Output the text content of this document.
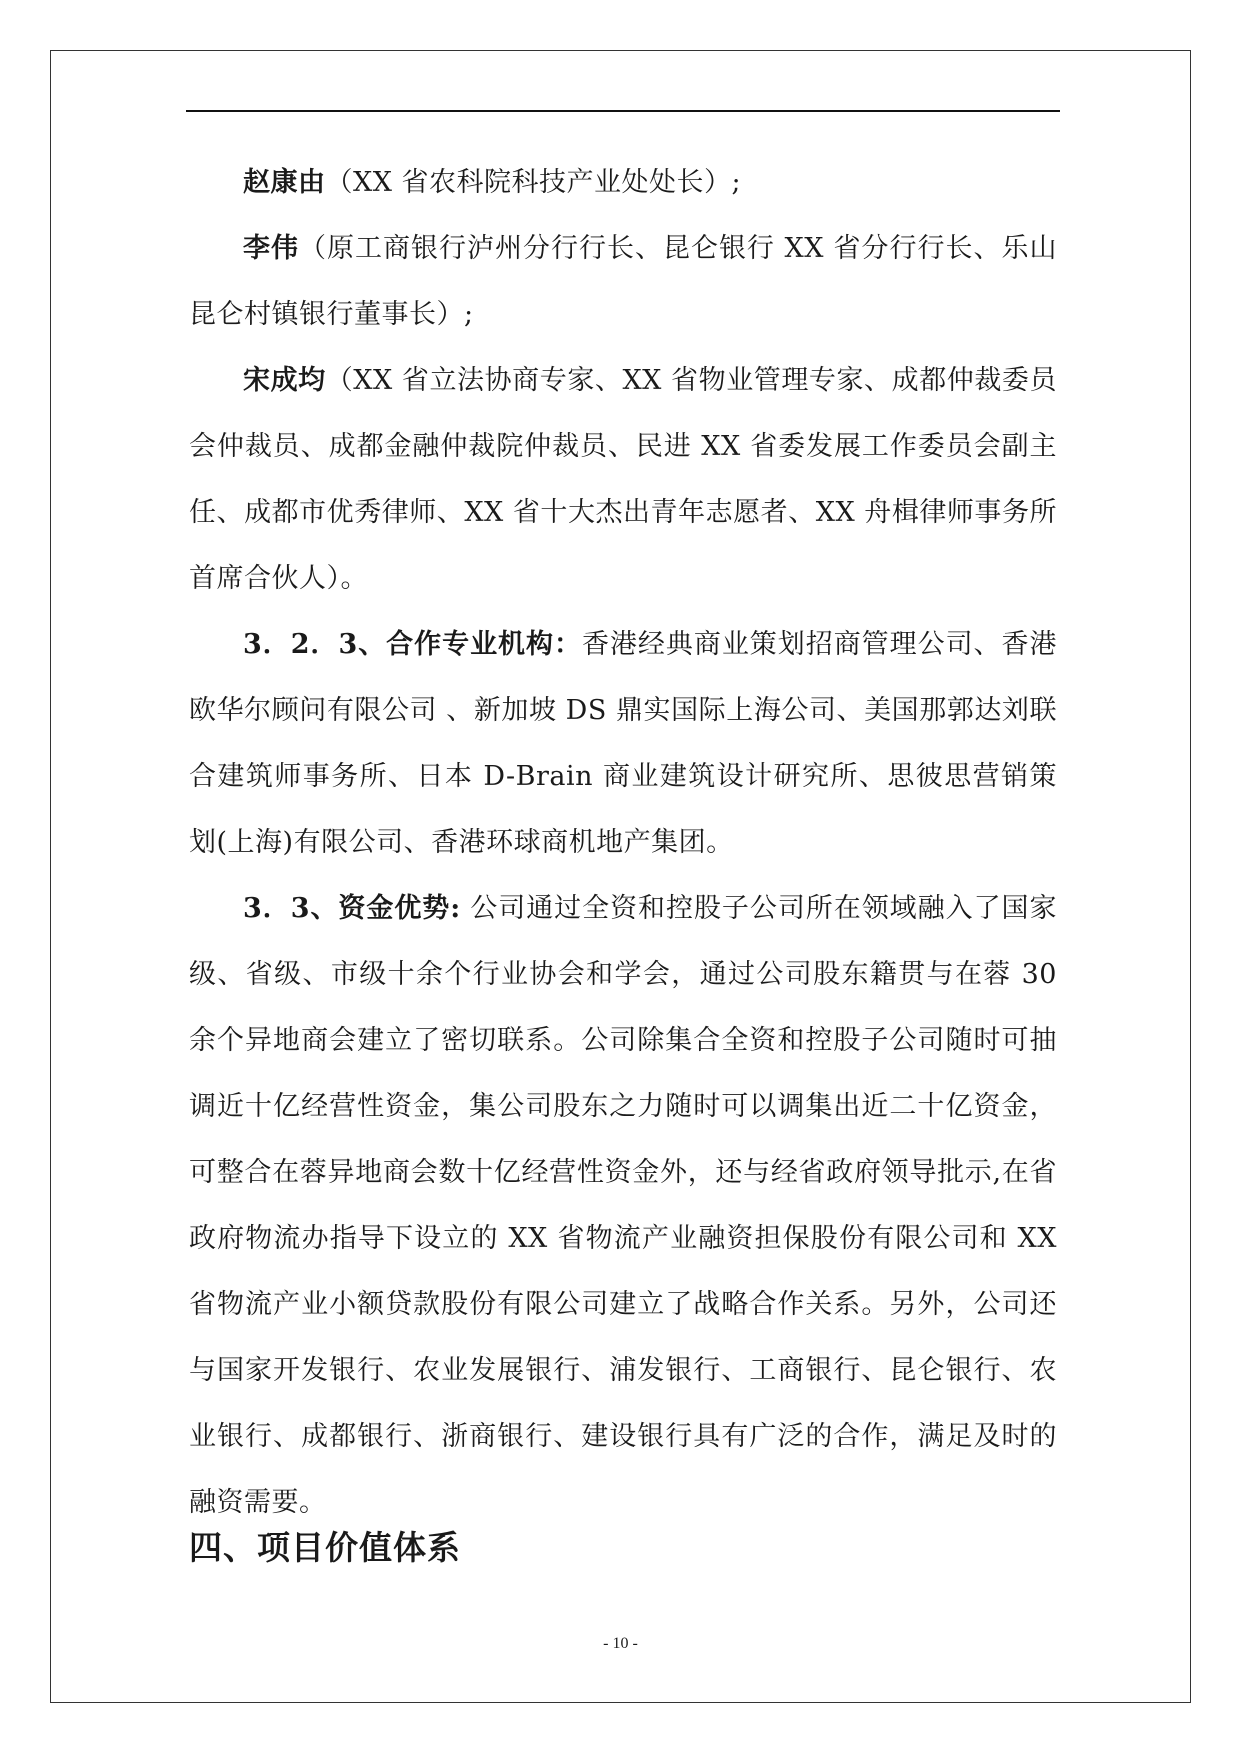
赵康由（XX 省农科院科技产业处处长）;

李伟（原工商银行泸州分行行长、昆仑银行 XX 省分行行长、乐山昆仑村镇银行董事长）;

宋成均（XX 省立法协商专家、XX 省物业管理专家、成都仲裁委员会仲裁员、成都金融仲裁院仲裁员、民进 XX 省委发展工作委员会副主任、成都市优秀律师、XX 省十大杰出青年志愿者、XX 舟楫律师事务所首席合伙人）。

3．2．3、合作专业机构：香港经典商业策划招商管理公司、香港欧华尔顾问有限公司 、新加坡 DS 鼎实国际上海公司、美国那郭达刘联合建筑师事务所、日本 D-Brain 商业建筑设计研究所、思彼思营销策划(上海)有限公司、香港环球商机地产集团。

3．3、资金优势: 公司通过全资和控股子公司所在领域融入了国家级、省级、市级十余个行业协会和学会，通过公司股东籍贯与在蓉 30 余个异地商会建立了密切联系。公司除集合全资和控股子公司随时可抽调近十亿经营性资金，集公司股东之力随时可以调集出近二十亿资金，可整合在蓉异地商会数十亿经营性资金外，还与经省政府领导批示,在省政府物流办指导下设立的 XX 省物流产业融资担保股份有限公司和 XX 省物流产业小额贷款股份有限公司建立了战略合作关系。另外，公司还与国家开发银行、农业发展银行、浦发银行、工商银行、昆仑银行、农业银行、成都银行、浙商银行、建设银行具有广泛的合作，满足及时的融资需要。

四、项目价值体系
- 10 -
